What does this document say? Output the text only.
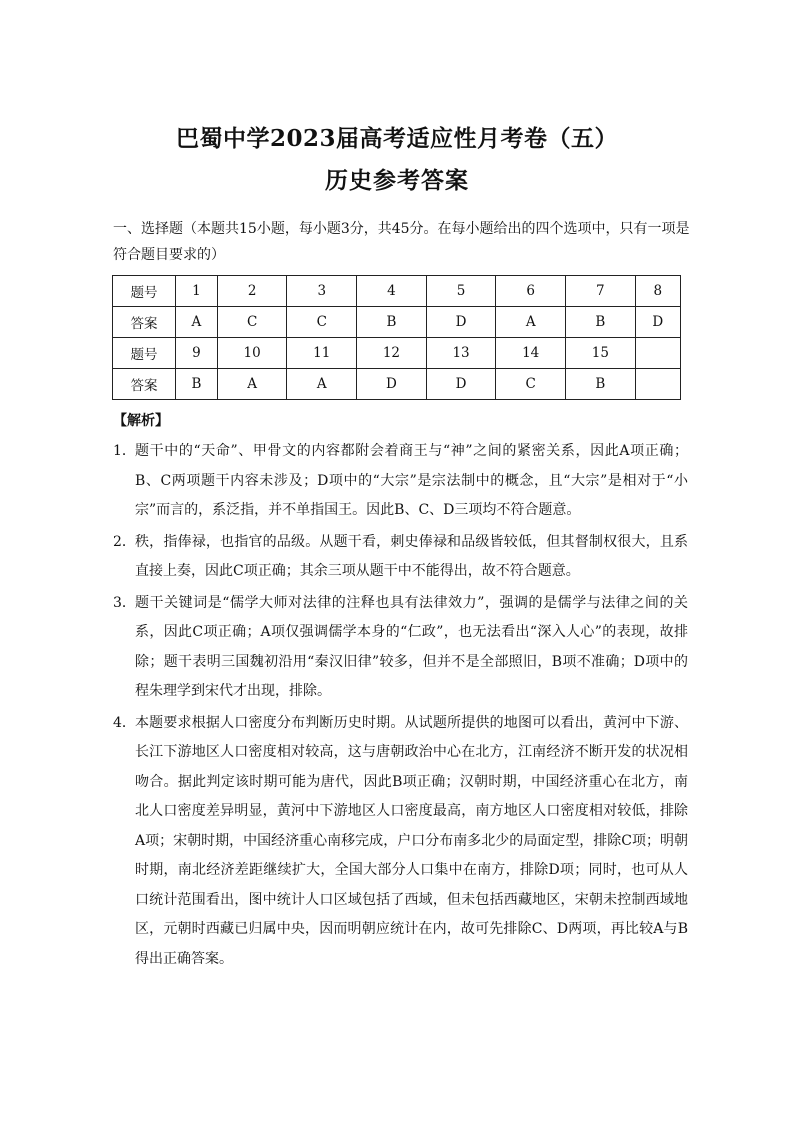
巴蜀中学2023届高考适应性月考卷（五）
历史参考答案
一、选择题（本题共15小题，每小题3分，共45分。在每小题给出的四个选项中，只有一项是符合题目要求的）
题号	1	2	3	4	5	6	7	8
答案	A	C	C	B	D	A	B	D
题号	9	10	11	12	13	14	15	
答案	B	A	A	D	D	C	B	
【解析】
1． 题干中的“天命”、甲骨文的内容都附会着商王与“神”之间的紧密关系，因此A项正确；B、C两项题干内容未涉及；D项中的“大宗”是宗法制中的概念，且“大宗”是相对于“小宗”而言的，系泛指，并不单指国王。因此B、C、D三项均不符合题意。
2． 秩，指俸禄，也指官的品级。从题干看，刺史俸禄和品级皆较低，但其督制权很大，且系直接上奏，因此C项正确；其余三项从题干中不能得出，故不符合题意。
3． 题干关键词是“儒学大师对法律的注释也具有法律效力”，强调的是儒学与法律之间的关系，因此C项正确；A项仅强调儒学本身的“仁政”，也无法看出“深入人心”的表现，故排除；题干表明三国魏初沿用“秦汉旧律”较多，但并不是全部照旧，B项不准确；D项中的程朱理学到宋代才出现，排除。
4． 本题要求根据人口密度分布判断历史时期。从试题所提供的地图可以看出，黄河中下游、长江下游地区人口密度相对较高，这与唐朝政治中心在北方，江南经济不断开发的状况相吻合。据此判定该时期可能为唐代，因此B项正确；汉朝时期，中国经济重心在北方，南北人口密度差异明显，黄河中下游地区人口密度最高，南方地区人口密度相对较低，排除A项；宋朝时期，中国经济重心南移完成，户口分布南多北少的局面定型，排除C项；明朝时期，南北经济差距继续扩大，全国大部分人口集中在南方，排除D项；同时，也可从人口统计范围看出，图中统计人口区域包括了西域，但未包括西藏地区，宋朝未控制西域地区，元朝时西藏已归属中央，因而明朝应统计在内，故可先排除C、D两项，再比较A与B得出正确答案。
